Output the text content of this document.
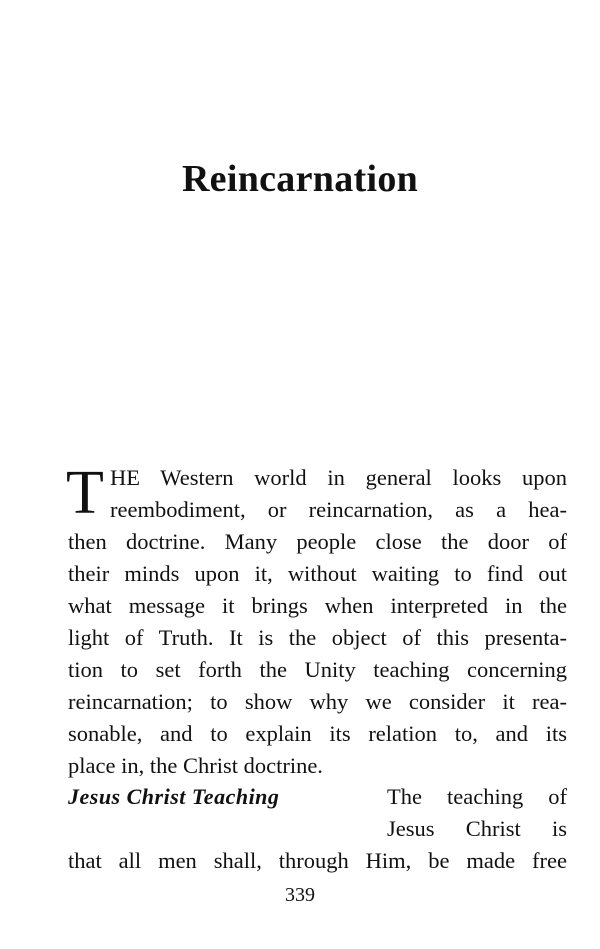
Reincarnation
T HE Western world in general looks upon
reembodiment, or reincarnation, as a hea-
then doctrine. Many people close the door of
their minds upon it, without waiting to find out
what message it brings when interpreted in the
light of Truth. It is the object of this presenta-
tion to set forth the Unity teaching concerning
reincarnation; to show why we consider it rea-
sonable, and to explain its relation to, and its
place in, the Christ doctrine.
Jesus Christ Teaching	The teaching of
Jesus Christ is
that all men shall, through Him, be made free
339
